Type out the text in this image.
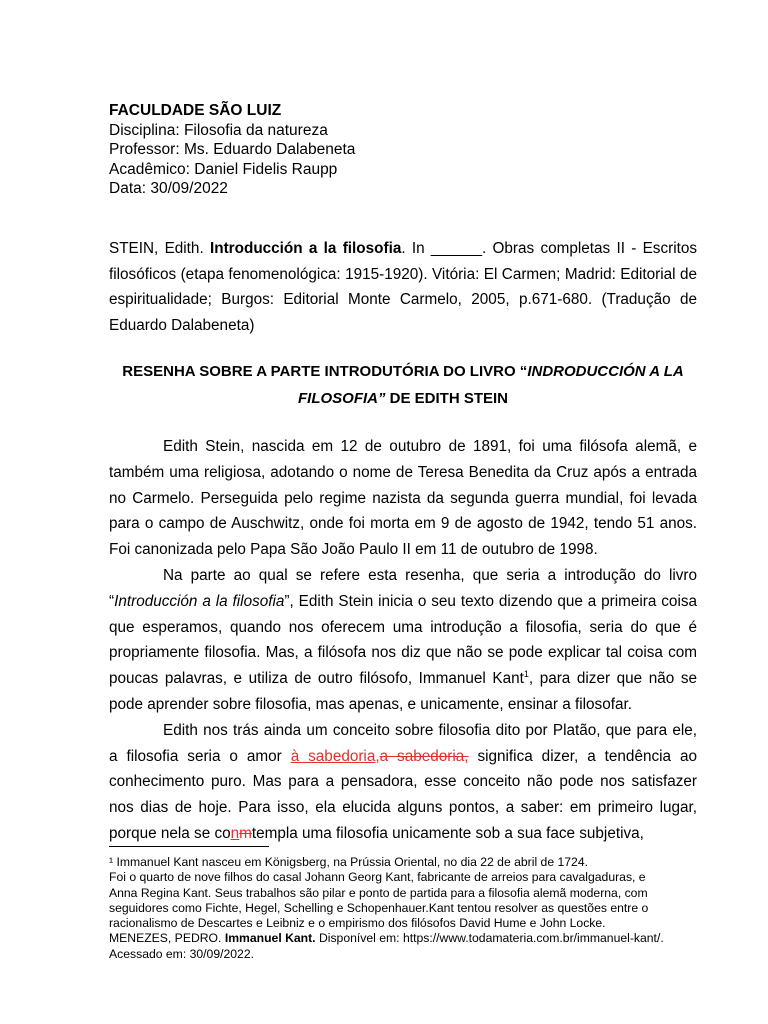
FACULDADE SÃO LUIZ
Disciplina: Filosofia da natureza
Professor: Ms. Eduardo Dalabeneta
Acadêmico: Daniel Fidelis Raupp
Data: 30/09/2022
STEIN, Edith. Introducción a la filosofia. In ______. Obras completas II - Escritos filosóficos (etapa fenomenológica: 1915-1920). Vitória: El Carmen; Madrid: Editorial de espiritualidade; Burgos: Editorial Monte Carmelo, 2005, p.671-680. (Tradução de Eduardo Dalabeneta)
RESENHA SOBRE A PARTE INTRODUTÓRIA DO LIVRO “INDRODUCCIÓN A LA FILOSOFIA” DE EDITH STEIN

Edith Stein, nascida em 12 de outubro de 1891, foi uma filósofa alemã, e também uma religiosa, adotando o nome de Teresa Benedita da Cruz após a entrada no Carmelo. Perseguida pelo regime nazista da segunda guerra mundial, foi levada para o campo de Auschwitz, onde foi morta em 9 de agosto de 1942, tendo 51 anos. Foi canonizada pelo Papa São João Paulo II em 11 de outubro de 1998.

Na parte ao qual se refere esta resenha, que seria a introdução do livro “Introducción a la filosofia”, Edith Stein inicia o seu texto dizendo que a primeira coisa que esperamos, quando nos oferecem uma introdução a filosofia, seria do que é propriamente filosofia. Mas, a filósofa nos diz que não se pode explicar tal coisa com poucas palavras, e utiliza de outro filósofo, Immanuel Kant$^1$, para dizer que não se pode aprender sobre filosofia, mas apenas, e unicamente, ensinar a filosofar.

Edith nos trás ainda um conceito sobre filosofia dito por Platão, que para ele, a filosofia seria o amor à sabedoria,a sabedoria, significa dizer, a tendência ao conhecimento puro. Mas para a pensadora, esse conceito não pode nos satisfazer nos dias de hoje. Para isso, ela elucida alguns pontos, a saber: em primeiro lugar, porque nela se conmtempla uma filosofia unicamente sob a sua face subjetiva,

¹ Immanuel Kant nasceu em Königsberg, na Prússia Oriental, no dia 22 de abril de 1724.
Foi o quarto de nove filhos do casal Johann Georg Kant, fabricante de arreios para cavalgaduras, e Anna Regina Kant. Seus trabalhos são pilar e ponto de partida para a filosofia alemã moderna, com seguidores como Fichte, Hegel, Schelling e Schopenhauer.Kant tentou resolver as questões entre o racionalismo de Descartes e Leibniz e o empirismo dos filósofos David Hume e John Locke.
MENEZES, PEDRO. Immanuel Kant. Disponível em: https://www.todamateria.com.br/immanuel-kant/. Acessado em: 30/09/2022.
